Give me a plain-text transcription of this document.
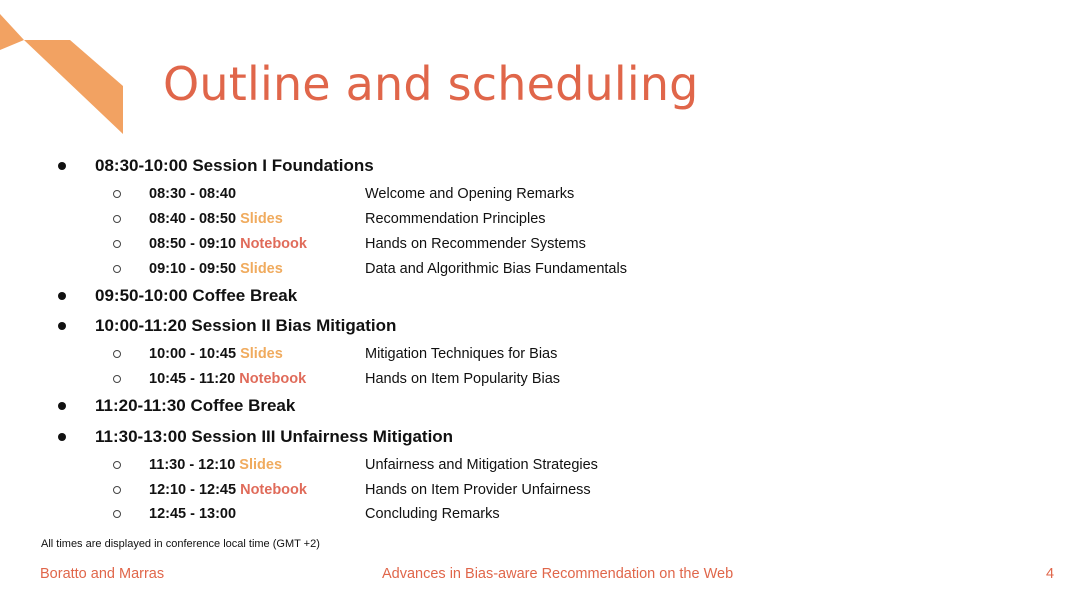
Outline and scheduling
08:30-10:00 Session I Foundations
08:30 - 08:40	Welcome and Opening Remarks
08:40 - 08:50 Slides	Recommendation Principles
08:50 - 09:10 Notebook	Hands on Recommender Systems
09:10 - 09:50 Slides	Data and Algorithmic Bias Fundamentals
09:50-10:00 Coffee Break
10:00-11:20 Session II Bias Mitigation
10:00 - 10:45 Slides	Mitigation Techniques for Bias
10:45 - 11:20 Notebook	Hands on Item Popularity Bias
11:20-11:30 Coffee Break
11:30-13:00 Session III Unfairness Mitigation
11:30 - 12:10 Slides	Unfairness and Mitigation Strategies
12:10 - 12:45 Notebook	Hands on Item Provider Unfairness
12:45 - 13:00	Concluding Remarks
All times are displayed in conference local time (GMT +2)
Boratto and Marras	Advances in Bias-aware Recommendation on the Web	4
